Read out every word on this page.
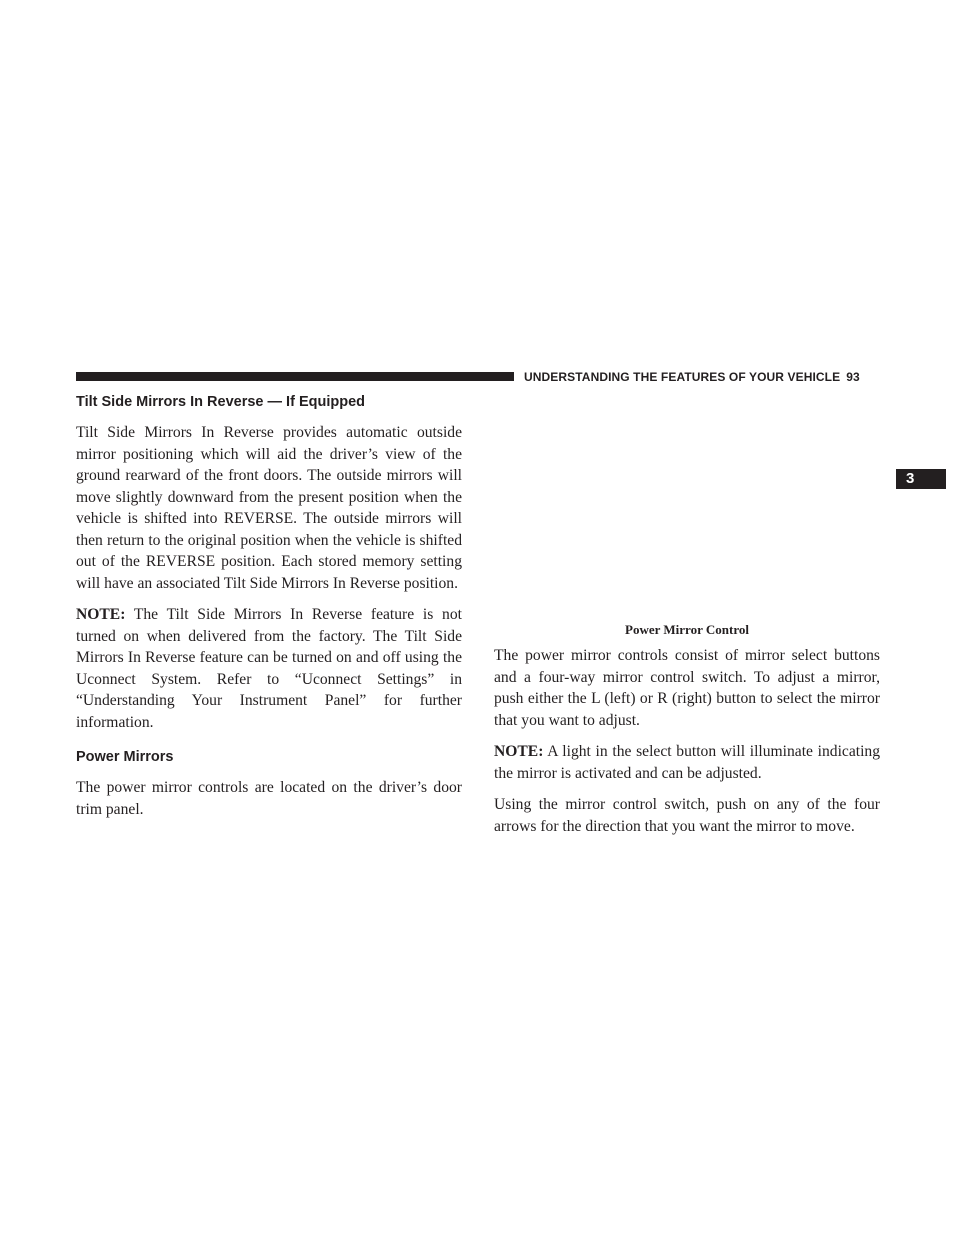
UNDERSTANDING THE FEATURES OF YOUR VEHICLE 93
3
Tilt Side Mirrors In Reverse — If Equipped

Tilt Side Mirrors In Reverse provides automatic outside mirror positioning which will aid the driver’s view of the ground rearward of the front doors. The outside mirrors will move slightly downward from the present position when the vehicle is shifted into REVERSE. The outside mirrors will then return to the original position when the vehicle is shifted out of the REVERSE position. Each stored memory setting will have an associated Tilt Side Mirrors In Reverse position.

NOTE: The Tilt Side Mirrors In Reverse feature is not turned on when delivered from the factory. The Tilt Side Mirrors In Reverse feature can be turned on and off using the Uconnect System. Refer to “Uconnect Settings” in “Understanding Your Instrument Panel” for further information.

Power Mirrors

The power mirror controls are located on the driver’s door trim panel.

Power Mirror Control

The power mirror controls consist of mirror select buttons and a four-way mirror control switch. To adjust a mirror, push either the L (left) or R (right) button to select the mirror that you want to adjust.

NOTE: A light in the select button will illuminate indicating the mirror is activated and can be adjusted.

Using the mirror control switch, push on any of the four arrows for the direction that you want the mirror to move.
